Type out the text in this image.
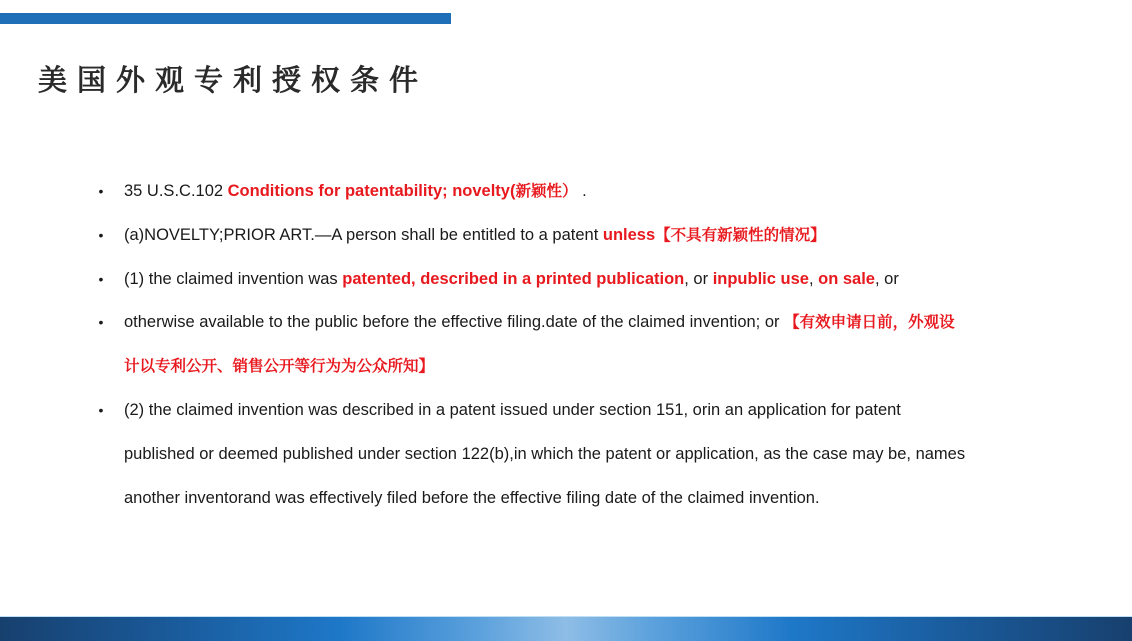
美国外观专利授权条件
• 35 U.S.C.102 Conditions for patentability; novelty(新颖性） .
• (a)NOVELTY;PRIOR ART.—A person shall be entitled to a patent unless【不具有新颖性的情况】
• (1) the claimed invention was patented, described in a printed publication, or inpublic use, on sale, or
• otherwise available to the public before the effective filing.date of the claimed invention; or 【有效申请日前，外观设
计以专利公开、销售公开等行为为公众所知】
• (2) the claimed invention was described in a patent issued under section 151, orin an application for patent
published or deemed published under section 122(b),in which the patent or application, as the case may be, names
another inventorand was effectively filed before the effective filing date of the claimed invention.
